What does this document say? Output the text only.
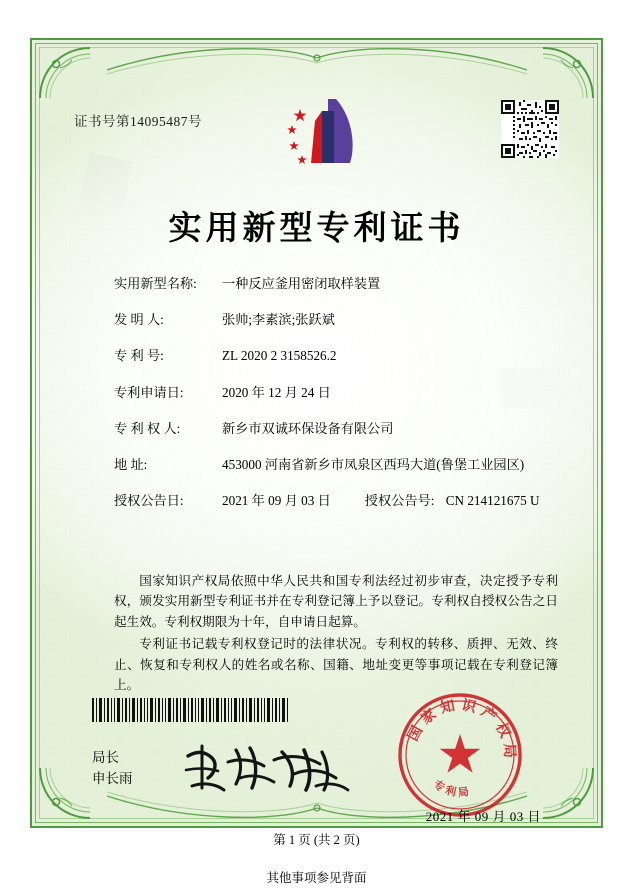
证书号第14095487号
实用新型专利证书
实用新型名称:	一种反应釜用密闭取样装置
发 明 人:	张帅;李素滨;张跃斌
专 利 号:	ZL 2020 2 3158526.2
专利申请日:	2020 年 12 月 24 日
专 利 权 人:	新乡市双诚环保设备有限公司
地 址:	453000 河南省新乡市凤泉区西玛大道(鲁堡工业园区)
授权公告日:	2021 年 09 月 03 日	授权公告号: CN 214121675 U

国家知识产权局依照中华人民共和国专利法经过初步审查，决定授予专利权，颁发实用新型专利证书并在专利登记簿上予以登记。专利权自授权公告之日起生效。专利权期限为十年，自申请日起算。

专利证书记载专利权登记时的法律状况。专利权的转移、质押、无效、终止、恢复和专利权人的姓名或名称、国籍、地址变更等事项记载在专利登记簿上。

局长
申长雨
国家知识产权局
专利局
2021 年 09 月 03 日
第 1 页 (共 2 页)
其他事项参见背面
